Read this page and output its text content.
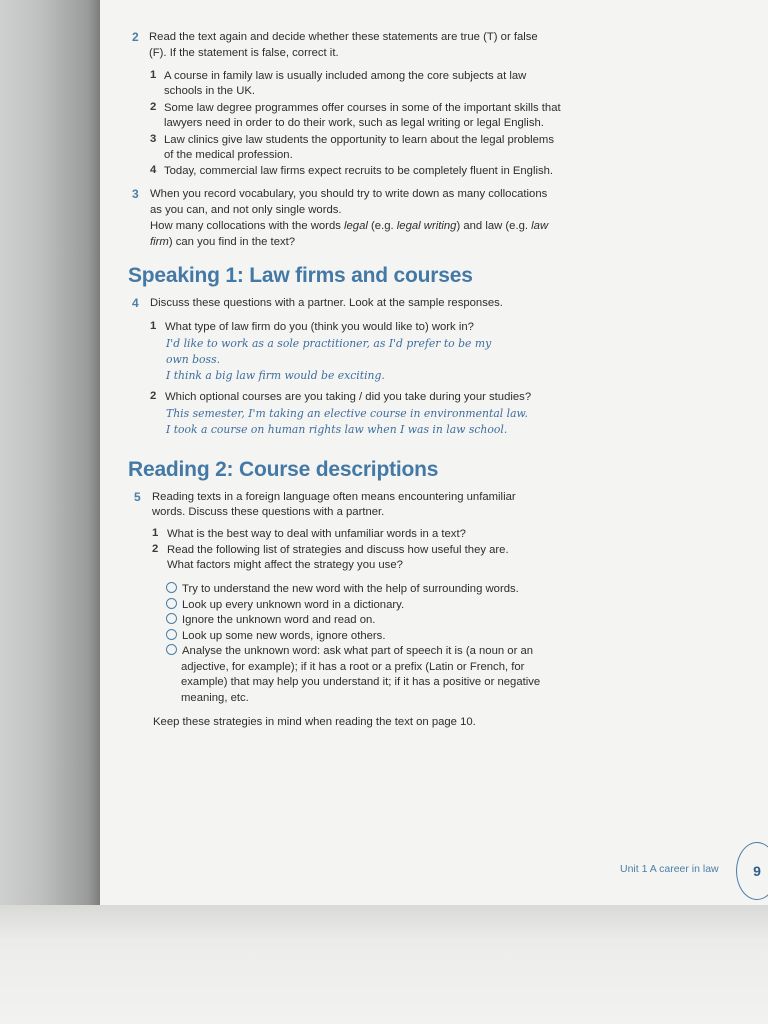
2 Read the text again and decide whether these statements are true (T) or false
(F). If the statement is false, correct it.
1 A course in family law is usually included among the core subjects at law
schools in the UK.
2 Some law degree programmes offer courses in some of the important skills that
lawyers need in order to do their work, such as legal writing or legal English.
3 Law clinics give law students the opportunity to learn about the legal problems
of the medical profession.
4 Today, commercial law firms expect recruits to be completely fluent in English.
3 When you record vocabulary, you should try to write down as many collocations
as you can, and not only single words.
How many collocations with the words legal (e.g. legal writing) and law (e.g. law
firm) can you find in the text?
Speaking 1: Law firms and courses
4 Discuss these questions with a partner. Look at the sample responses.
1 What type of law firm do you (think you would like to) work in?
I'd like to work as a sole practitioner, as I'd prefer to be my
own boss.
I think a big law firm would be exciting.
2 Which optional courses are you taking / did you take during your studies?
This semester, I'm taking an elective course in environmental law.
I took a course on human rights law when I was in law school.
Reading 2: Course descriptions
5 Reading texts in a foreign language often means encountering unfamiliar
words. Discuss these questions with a partner.
1 What is the best way to deal with unfamiliar words in a text?
2 Read the following list of strategies and discuss how useful they are.
What factors might affect the strategy you use?
Try to understand the new word with the help of surrounding words.
Look up every unknown word in a dictionary.
Ignore the unknown word and read on.
Look up some new words, ignore others.
Analyse the unknown word: ask what part of speech it is (a noun or an
adjective, for example); if it has a root or a prefix (Latin or French, for
example) that may help you understand it; if it has a positive or negative
meaning, etc.
Keep these strategies in mind when reading the text on page 10.
Unit 1 A career in law 9
